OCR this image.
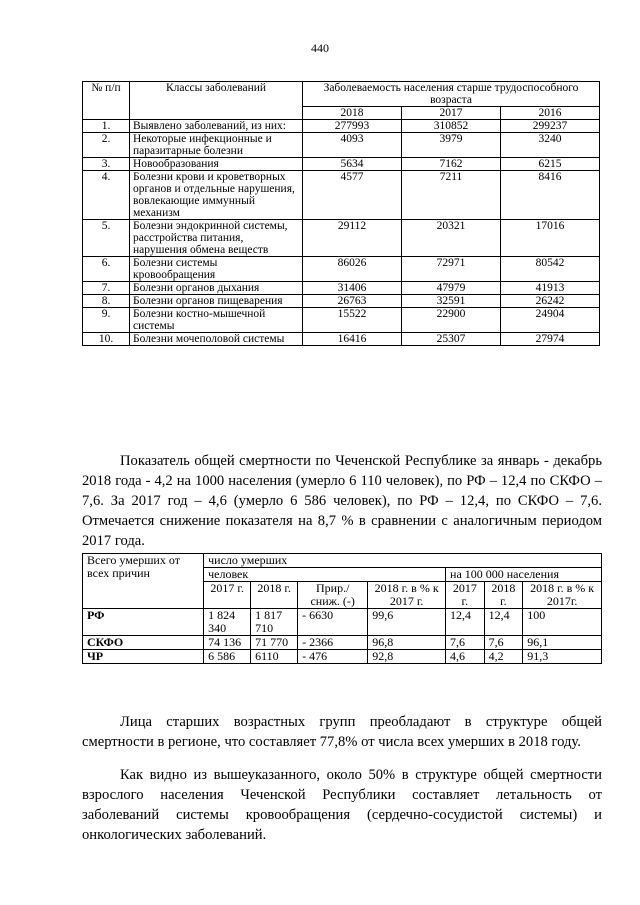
440
№ п/п	Классы заболеваний	Заболеваемость населения старше трудоспособного возраста		
		2018	2017	2016
1.	Выявлено заболеваний, из них:	277993	310852	299237
2.	Некоторые инфекционные и паразитарные болезни	4093	3979	3240
3.	Новообразования	5634	7162	6215
4.	Болезни крови и кроветворных органов и отдельные нарушения, вовлекающие иммунный механизм	4577	7211	8416
5.	Болезни эндокринной системы, расстройства питания, нарушения обмена веществ	29112	20321	17016
6.	Болезни системы кровообращения	86026	72971	80542
7.	Болезни органов дыхания	31406	47979	41913
8.	Болезни органов пищеварения	26763	32591	26242
9.	Болезни костно-мышечной системы	15522	22900	24904
10.	Болезни мочеполовой системы	16416	25307	27974

Показатель общей смертности по Чеченской Республике за январь - декабрь 2018 года - 4,2 на 1000 населения (умерло 6 110 человек), по РФ – 12,4 по СКФО – 7,6. За 2017 год – 4,6 (умерло 6 586 человек), по РФ – 12,4, по СКФО – 7,6. Отмечается снижение показателя на 8,7 % в сравнении с аналогичным периодом 2017 года.

Всего умерших от всех причин	число умерших						
	человек				на 100 000 населения		
	2017 г.	2018 г.	Прир./ сниж. (-)	2018 г. в % к 2017 г.	2017 г.	2018 г.	2018 г. в % к 2017г.
РФ	1 824 340	1 817 710	- 6630	99,6	12,4	12,4	100
СКФО	74 136	71 770	- 2366	96,8	7,6	7,6	96,1
ЧР	6 586	6110	- 476	92,8	4,6	4,2	91,3

Лица старших возрастных групп преобладают в структуре общей смертности в регионе, что составляет 77,8% от числа всех умерших в 2018 году.

Как видно из вышеуказанного, около 50% в структуре общей смертности взрослого населения Чеченской Республики составляет летальность от заболеваний системы кровообращения (сердечно-сосудистой системы) и онкологических заболеваний.
